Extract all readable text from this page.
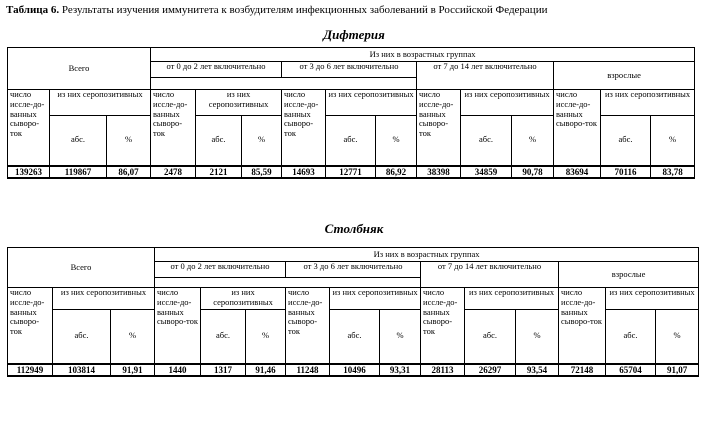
Таблица 6. Результаты изучения иммунитета к возбудителям инфекционных заболеваний в Российской Федерации
Дифтерия
Всего			Из них в возрастных группах											
			от 0 до 2 лет включительно			от 3 до 6 лет включительно			от 7 до 14 лет включительно			взрослые		

число иссле-до-ванных сыворо-ток	из них серопозитивных		число иссле-до-ванных сыворо-ток	из них серопозитивных		число иссле-до-ванных сыворо-ток	из них серопозитивных		число иссле-до-ванных сыворо-ток	из них серопозитивных		число иссле-до-ванных сыворо-ток	из них серопозитивных	
	абс.	%		абс.	%		абс.	%		абс.	%		абс.	%
139263	119867	86,07	2478	2121	85,59	14693	12771	86,92	38398	34859	90,78	83694	70116	83,78
Столбняк
Всего			Из них в возрастных группах											
			от 0 до 2 лет включительно			от 3 до 6 лет включительно			от 7 до 14 лет включительно			взрослые		

число иссле-до-ванных сыворо-ток	из них серопозитивных		число иссле-до-ванных сыворо-ток	из них серопозитивных		число иссле-до-ванных сыворо-ток	из них серопозитивных		число иссле-до-ванных сыворо-ток	из них серопозитивных		число иссле-до-ванных сыворо-ток	из них серопозитивных	
	абс.	%		абс.	%		абс.	%		абс.	%		абс.	%
112949	103814	91,91	1440	1317	91,46	11248	10496	93,31	28113	26297	93,54	72148	65704	91,07
